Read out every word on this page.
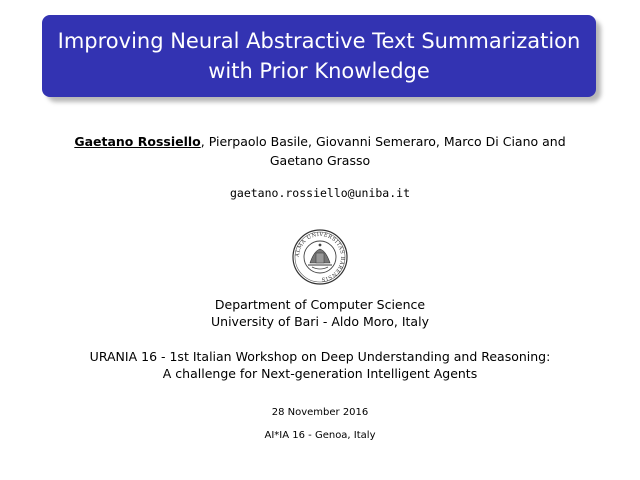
Improving Neural Abstractive Text Summarization
with Prior Knowledge
Gaetano Rossiello, Pierpaolo Basile, Giovanni Semeraro, Marco Di Ciano and
Gaetano Grasso
gaetano.rossiello@uniba.it
ALMA UNIVERSITAS BARENSIS
Department of Computer Science
University of Bari - Aldo Moro, Italy
URANIA 16 - 1st Italian Workshop on Deep Understanding and Reasoning:
A challenge for Next-generation Intelligent Agents
28 November 2016
AI*IA 16 - Genoa, Italy
